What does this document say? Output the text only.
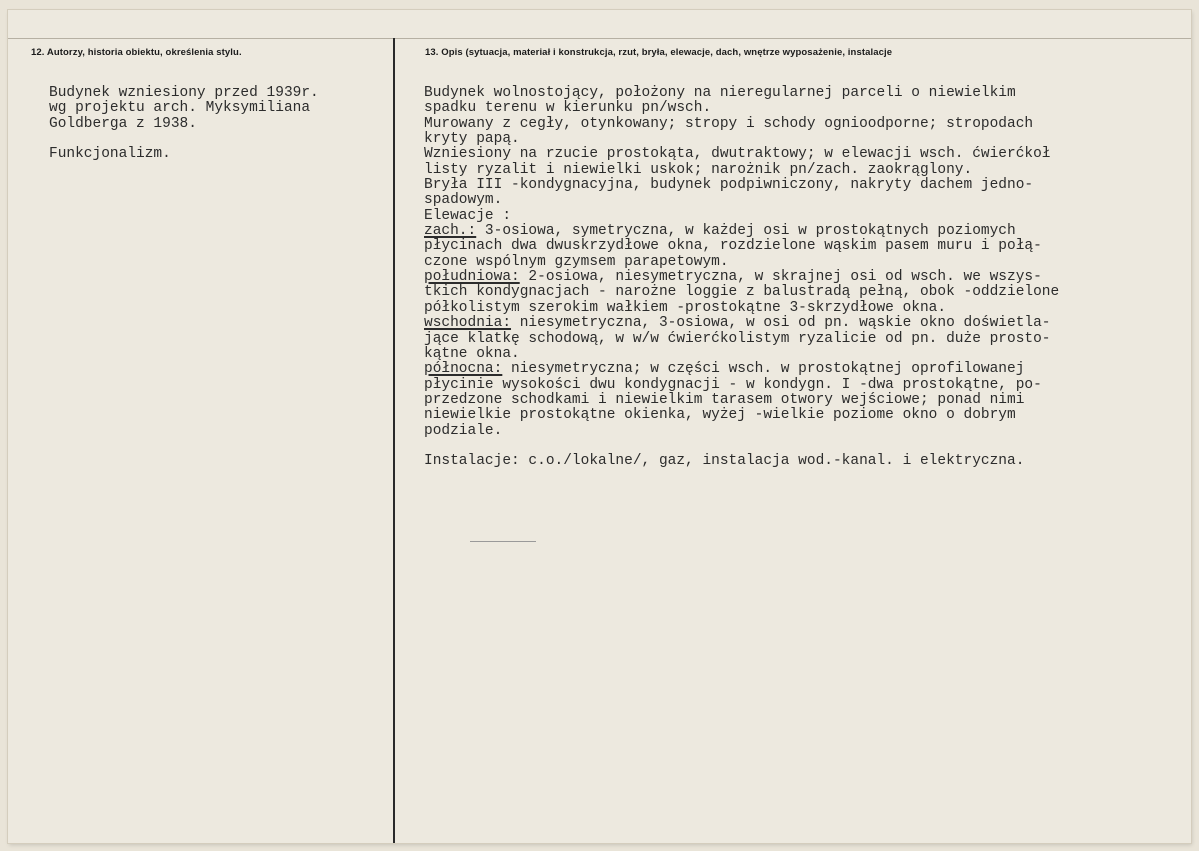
12. Autorzy, historia obiektu, określenia stylu.	13. Opis (sytuacja, materiał i konstrukcja, rzut, bryła, elewacje, dach, wnętrze wyposażenie, instalacje
Budynek wzniesiony przed 1939r.
wg projektu arch. Myksymiliana
Goldberga z 1938.
Funkcjonalizm.
Budynek wolnostojący, położony na nieregularnej parceli o niewielkim
spadku terenu w kierunku pn/wsch.
Murowany z cegły, otynkowany; stropy i schody ognioodporne; stropodach
kryty papą.
Wzniesiony na rzucie prostokąta, dwutraktowy; w elewacji wsch. ćwierćkoł
listy ryzalit i niewielki uskok; narożnik pn/zach. zaokrąglony.
Bryła III -kondygnacyjna, budynek podpiwniczony, nakryty dachem jedno-
spadowym.
Elewacje :
zach.: 3-osiowa, symetryczna, w każdej osi w prostokątnych poziomych
płycinach dwa dwuskrzydłowe okna, rozdzielone wąskim pasem muru i połą-
czone wspólnym gzymsem parapetowym.
południowa: 2-osiowa, niesymetryczna, w skrajnej osi od wsch. we wszys-
tkich kondygnacjach - narożne loggie z balustradą pełną, obok -oddzielone
półkolistym szerokim wałkiem -prostokątne 3-skrzydłowe okna.
wschodnia: niesymetryczna, 3-osiowa, w osi od pn. wąskie okno doświetla-
jące klatkę schodową, w w/w ćwierćkolistym ryzalicie od pn. duże prosto-
kątne okna.
północna: niesymetryczna; w części wsch. w prostokątnej oprofilowanej
płycinie wysokości dwu kondygnacji - w kondygn. I -dwa prostokątne, po-
przedzone schodkami i niewielkim tarasem otwory wejściowe; ponad nimi
niewielkie prostokątne okienka, wyżej -wielkie poziome okno o dobrym
podziale.
Instalacje: c.o./lokalne/, gaz, instalacja wod.-kanal. i elektryczna.
